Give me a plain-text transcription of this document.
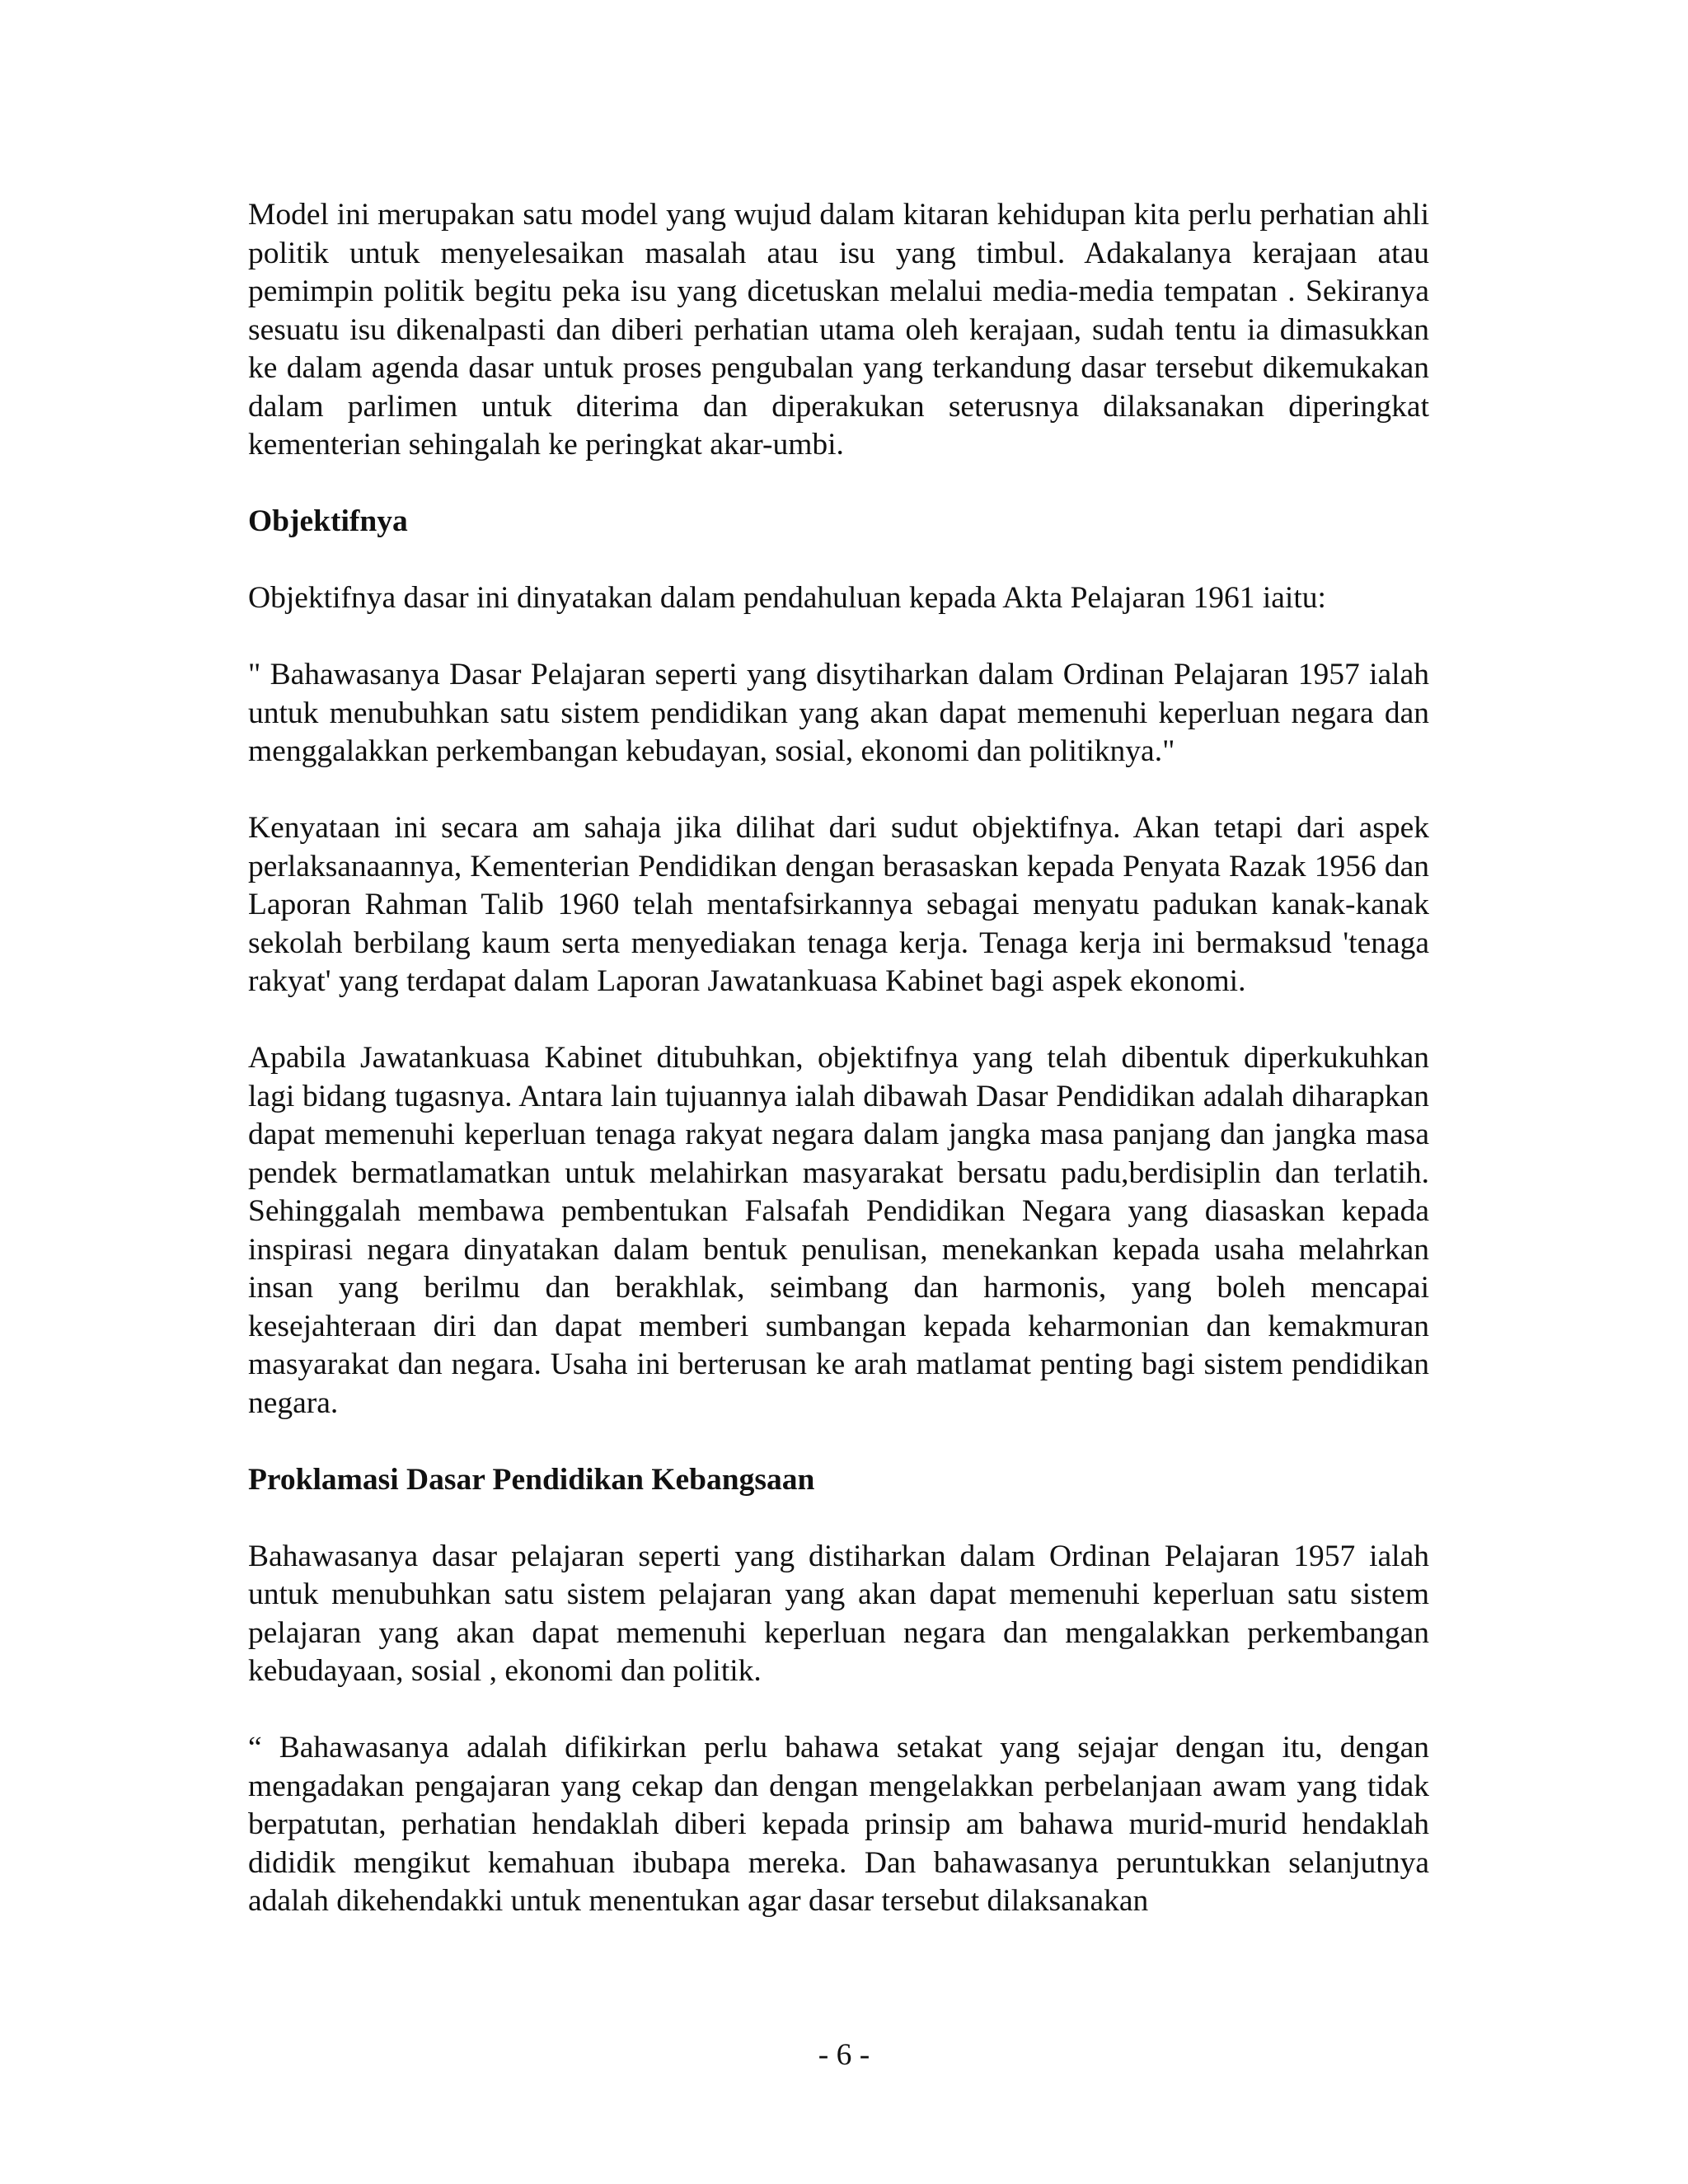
Model ini merupakan satu model yang wujud dalam kitaran kehidupan kita perlu perhatian ahli politik untuk menyelesaikan masalah atau isu yang timbul. Adakalanya kerajaan atau pemimpin politik begitu peka isu yang dicetuskan melalui media-media tempatan . Sekiranya sesuatu isu dikenalpasti dan diberi perhatian utama oleh kerajaan, sudah tentu ia dimasukkan ke dalam agenda dasar untuk proses pengubalan yang terkandung dasar tersebut dikemukakan dalam parlimen untuk diterima dan diperakukan seterusnya dilaksanakan diperingkat kementerian sehingalah ke peringkat akar-umbi.

Objektifnya

Objektifnya dasar ini dinyatakan dalam pendahuluan kepada Akta Pelajaran 1961 iaitu:

" Bahawasanya Dasar Pelajaran seperti yang disytiharkan dalam Ordinan Pelajaran 1957 ialah untuk menubuhkan satu sistem pendidikan yang akan dapat memenuhi keperluan negara dan menggalakkan perkembangan kebudayan, sosial, ekonomi dan politiknya."

Kenyataan ini secara am sahaja jika dilihat dari sudut objektifnya. Akan tetapi dari aspek perlaksanaannya, Kementerian Pendidikan dengan berasaskan kepada Penyata Razak 1956 dan Laporan Rahman Talib 1960 telah mentafsirkannya sebagai menyatu padukan kanak-kanak sekolah berbilang kaum serta menyediakan tenaga kerja. Tenaga kerja ini bermaksud 'tenaga rakyat' yang terdapat dalam Laporan Jawatankuasa Kabinet bagi aspek ekonomi.

Apabila Jawatankuasa Kabinet ditubuhkan, objektifnya yang telah dibentuk diperkukuhkan lagi bidang tugasnya. Antara lain tujuannya ialah dibawah Dasar Pendidikan adalah diharapkan dapat memenuhi keperluan tenaga rakyat negara dalam jangka masa panjang dan jangka masa pendek bermatlamatkan untuk melahirkan masyarakat bersatu padu,berdisiplin dan terlatih. Sehinggalah membawa pembentukan Falsafah Pendidikan Negara yang diasaskan kepada inspirasi negara dinyatakan dalam bentuk penulisan, menekankan kepada usaha melahrkan insan yang berilmu dan berakhlak, seimbang dan harmonis, yang boleh mencapai kesejahteraan diri dan dapat memberi sumbangan kepada keharmonian dan kemakmuran masyarakat dan negara. Usaha ini berterusan ke arah matlamat penting bagi sistem pendidikan negara.

Proklamasi Dasar Pendidikan Kebangsaan

Bahawasanya dasar pelajaran seperti yang distiharkan dalam Ordinan Pelajaran 1957 ialah untuk menubuhkan satu sistem pelajaran yang akan dapat memenuhi keperluan satu sistem pelajaran yang akan dapat memenuhi keperluan negara dan mengalakkan perkembangan kebudayaan, sosial , ekonomi dan politik.

“ Bahawasanya adalah difikirkan perlu bahawa setakat yang sejajar dengan itu, dengan mengadakan pengajaran yang cekap dan dengan mengelakkan perbelanjaan awam yang tidak berpatutan, perhatian hendaklah diberi kepada prinsip am bahawa murid-murid hendaklah dididik mengikut kemahuan ibubapa mereka. Dan bahawasanya peruntukkan selanjutnya adalah dikehendakki untuk menentukan agar dasar tersebut dilaksanakan

- 6 -
